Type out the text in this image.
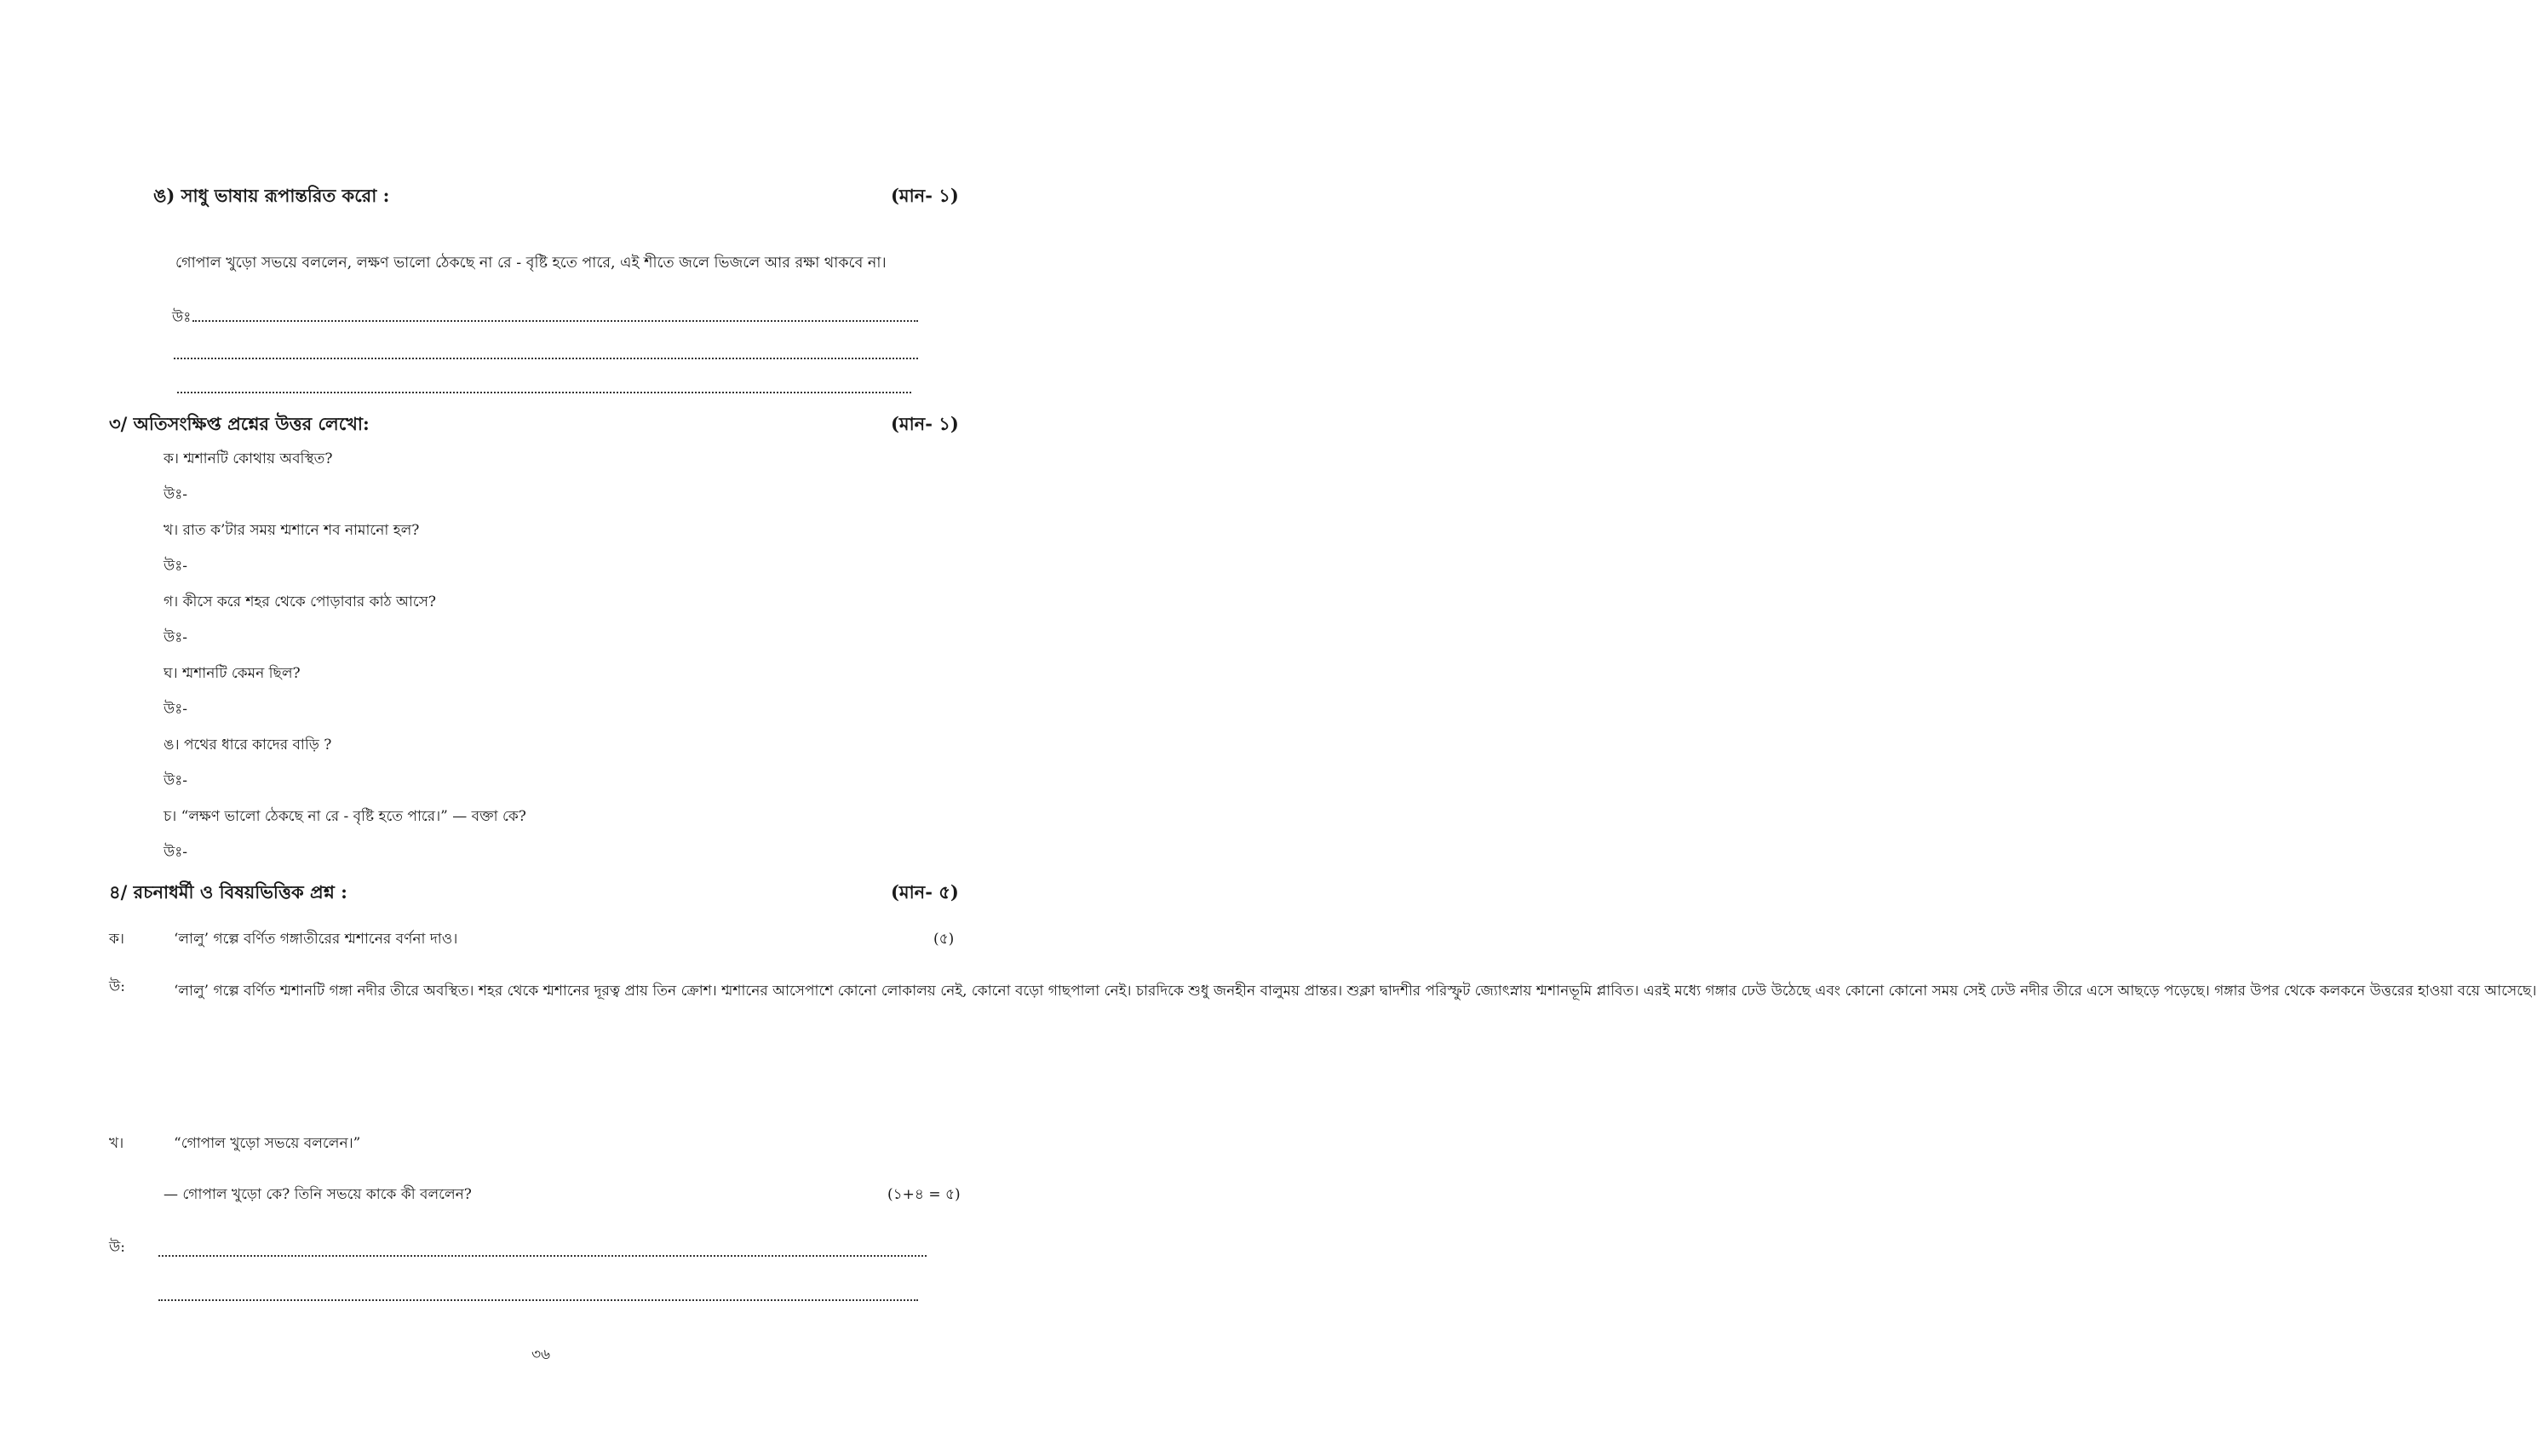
ঙ) সাধু ভাষায় রূপান্তরিত করো :	(মান- ১)
গোপাল খুড়ো সভয়ে বললেন, লক্ষণ ভালো ঠেকছে না রে - বৃষ্টি হতে পারে, এই শীতে জলে ভিজলে আর রক্ষা থাকবে না।
উঃ
৩/ অতিসংক্ষিপ্ত প্রশ্নের উত্তর লেখো:	(মান- ১)
ক। শ্মশানটি কোথায় অবস্থিত?
উঃ-
খ। রাত ক’টার সময় শ্মশানে শব নামানো হল?
উঃ-
গ। কীসে করে শহর থেকে পোড়াবার কাঠ আসে?
উঃ-
ঘ। শ্মশানটি কেমন ছিল?
উঃ-
ঙ। পথের ধারে কাদের বাড়ি ?
উঃ-
চ। “লক্ষণ ভালো ঠেকছে না রে - বৃষ্টি হতে পারে।” — বক্তা কে?
উঃ-
৪/ রচনাধর্মী ও বিষয়ভিত্তিক প্রশ্ন :	(মান- ৫)
ক।	‘লালু’ গল্পে বর্ণিত গঙ্গাতীরের শ্মশানের বর্ণনা দাও।	(৫)
উ:	‘লালু’ গল্পে বর্ণিত শ্মশানটি গঙ্গা নদীর তীরে অবস্থিত। শহর থেকে শ্মশানের দূরত্ব প্রায় তিন ক্রোশ। শ্মশানের আসেপাশে কোনো লোকালয় নেই, কোনো বড়ো গাছপালা নেই। চারদিকে শুধু জনহীন বালুময় প্রান্তর। শুক্লা দ্বাদশীর পরিস্ফুট জ্যোৎস্নায় শ্মশানভূমি প্লাবিত। এরই মধ্যে গঙ্গার ঢেউ উঠেছে এবং কোনো কোনো সময় সেই ঢেউ নদীর তীরে এসে আছড়ে পড়েছে। গঙ্গার উপর থেকে কলকনে উত্তরের হাওয়া বয়ে আসেছে।
খ।	“গোপাল খুড়ো সভয়ে বললেন।”
— গোপাল খুড়ো কে? তিনি সভয়ে কাকে কী বললেন?	(১+৪ = ৫)
উ:
৩৬
